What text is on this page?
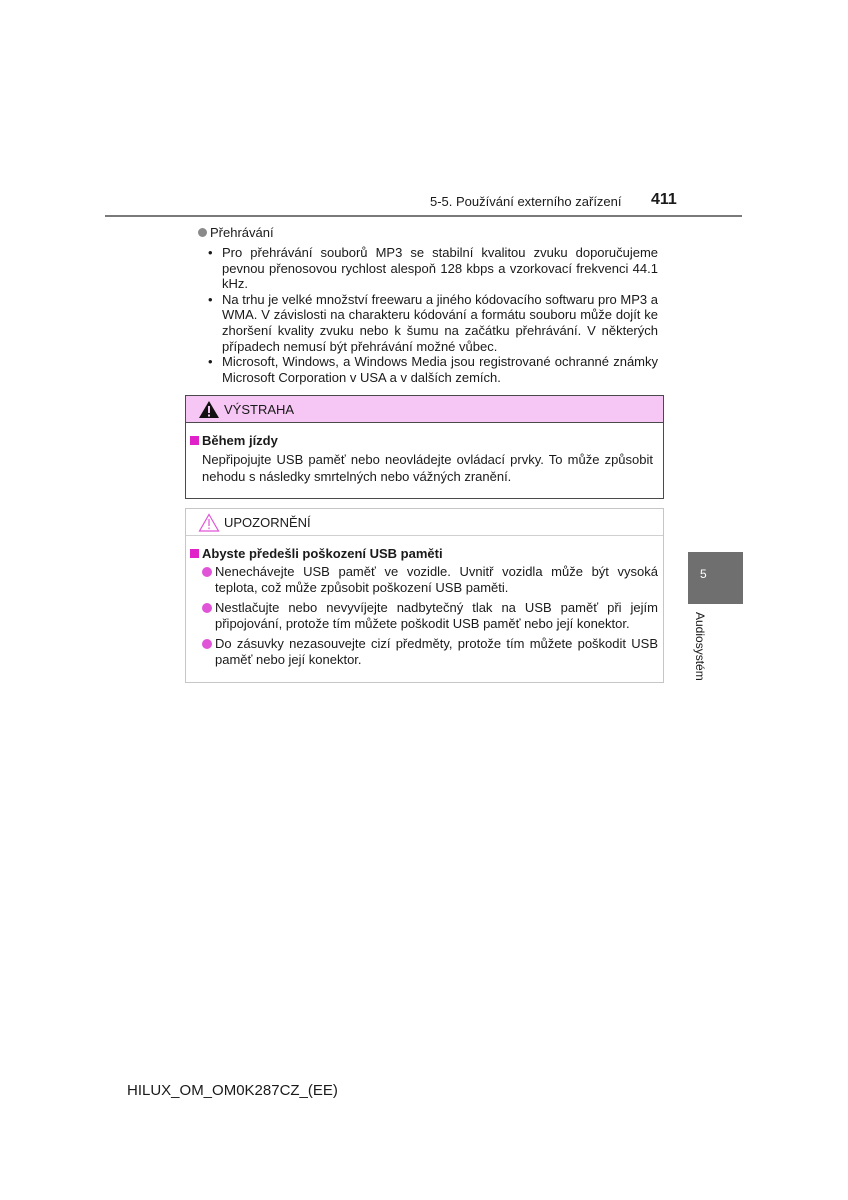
5-5. Používání externího zařízení 411
Přehrávání
• Pro přehrávání souborů MP3 se stabilní kvalitou zvuku doporučujeme pevnou přenosovou rychlost alespoň 128 kbps a vzorkovací frekvenci 44.1 kHz.
• Na trhu je velké množství freewaru a jiného kódovacího softwaru pro MP3 a WMA. V závislosti na charakteru kódování a formátu souboru může dojít ke zhoršení kvality zvuku nebo k šumu na začátku přehrávání. V některých případech nemusí být přehrávání možné vůbec.
• Microsoft, Windows, a Windows Media jsou registrované ochranné známky Microsoft Corporation v USA a v dalších zemích.
VÝSTRAHA
Během jízdy
Nepřipojujte USB paměť nebo neovládejte ovládací prvky. To může způsobit nehodu s následky smrtelných nebo vážných zranění.
UPOZORNĚNÍ
Abyste předešli poškození USB paměti
Nenechávejte USB paměť ve vozidle. Uvnitř vozidla může být vysoká teplota, což může způsobit poškození USB paměti.
Nestlačujte nebo nevyvíjejte nadbytečný tlak na USB paměť při jejím připojování, protože tím můžete poškodit USB paměť nebo její konektor.
Do zásuvky nezasouvejte cizí předměty, protože tím můžete poškodit USB paměť nebo její konektor.
5
Audiosystém
HILUX_OM_OM0K287CZ_(EE)
